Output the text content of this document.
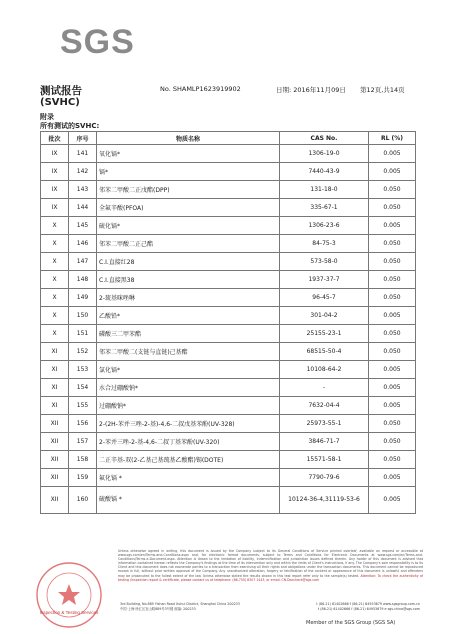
SGS
测试报告	No. SHAMLP1623919902	日期: 2016年11月09日 第12页,共14页
(SVHC)
附录
所有测试的SVHC:
批次	序号	物质名称	CAS No.	RL (%)
IX	141	氧化镉*	1306-19-0	0.005
IX	142	镉*	7440-43-9	0.005
IX	143	邻苯二甲酸二正戊酯(DPP)	131-18-0	0.050
IX	144	全氟辛酸(PFOA)	335-67-1	0.050
X	145	硫化镉*	1306-23-6	0.005
X	146	邻苯二甲酸二正己酯	84-75-3	0.050
X	147	C.I.直接红28	573-58-0	0.050
X	148	C.I.直接黑38	1937-37-7	0.050
X	149	2-巯基咪唑啉	96-45-7	0.050
X	150	乙酸铅*	301-04-2	0.005
X	151	磷酸三二甲苯酯	25155-23-1	0.050
XI	152	邻苯二甲酸二(支链与直链)己基酯	68515-50-4	0.050
XI	153	氯化镉*	10108-64-2	0.005
XI	154	水合过硼酸钠*	-	0.005
XI	155	过硼酸钠*	7632-04-4	0.005
XII	156	2-(2H-苯并三唑-2-基)-4,6-二叔戊基苯酚(UV-328)	25973-55-1	0.050
XII	157	2-苯并三唑-2-基-4,6-二叔丁基苯酚(UV-320)	3846-71-7	0.050
XII	158	二正辛基-双(2-乙基己基巯基乙酸酯)锡(DOTE)	15571-58-1	0.050
XII	159	氟化镉 *	7790-79-6	0.005
XII	160	硫酸镉 *	10124-36-4,31119-53-6	0.005
Unless otherwise agreed in writing, this document is issued by the Company subject to its General Conditions of Service printed overleaf, available on request or accessible at www.sgs.com/en/Terms-and-Conditions.aspx and, for electronic format documents, subject to Terms and Conditions for Electronic Documents at www.sgs.com/en/Terms-and-Conditions/Terms-e-Document.aspx. Attention is drawn to the limitation of liability, indemnification and jurisdiction issues defined therein. Any holder of this document is advised that information contained hereon reflects the Company's findings at the time of its intervention only and within the limits of Client's instructions, if any. The Company's sole responsibility is to its Client and this document does not exonerate parties to a transaction from exercising all their rights and obligations under the transaction documents. This document cannot be reproduced except in full, without prior written approval of the Company. Any unauthorized alteration, forgery or falsification of the content or appearance of this document is unlawful and offenders may be prosecuted to the fullest extent of the law. Unless otherwise stated the results shown in this test report refer only to the sample(s) tested. Attention: To check the authenticity of testing /inspection report & certificate, please contact us at telephone: (86-755) 8307 1443, or email: CN.Doccheck@sgs.com
Inspection & Testing Services
3rd Building, No.889 Yishan Road Xuhui District, Shanghai China 200233	t (86-21) 61402666 f (86-21) 64953679 www.sgsgroup.com.cn
中国·上海·徐汇区宜山路889号3号楼 邮编: 200233	t (86-21) 61402666 f (86-21) 64953679 e sgs.china@sgs.com
Member of the SGS Group (SGS SA)
